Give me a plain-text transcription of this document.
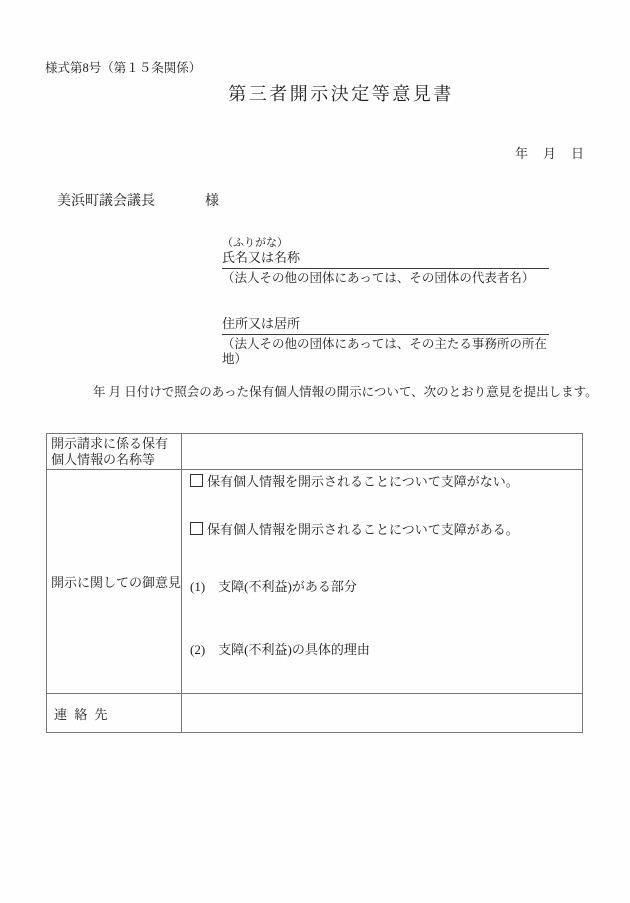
様式第8号（第１５条関係）
第三者開示決定等意見書
年　月　日
美浜町議会議長	様
（ふりがな）
氏名又は名称
（法人その他の団体にあっては、その団体の代表者名）
住所又は居所
（法人その他の団体にあっては、その主たる事務所の所在地）
年 月 日付けで照会のあった保有個人情報の開示について、次のとおり意見を提出します。
開示請求に係る保有個人情報の名称等
開示に関しての御意見
保有個人情報を開示されることについて支障がない。
保有個人情報を開示されることについて支障がある。
(1)　支障(不利益)がある部分
(2)　支障(不利益)の具体的理由
連 絡 先
